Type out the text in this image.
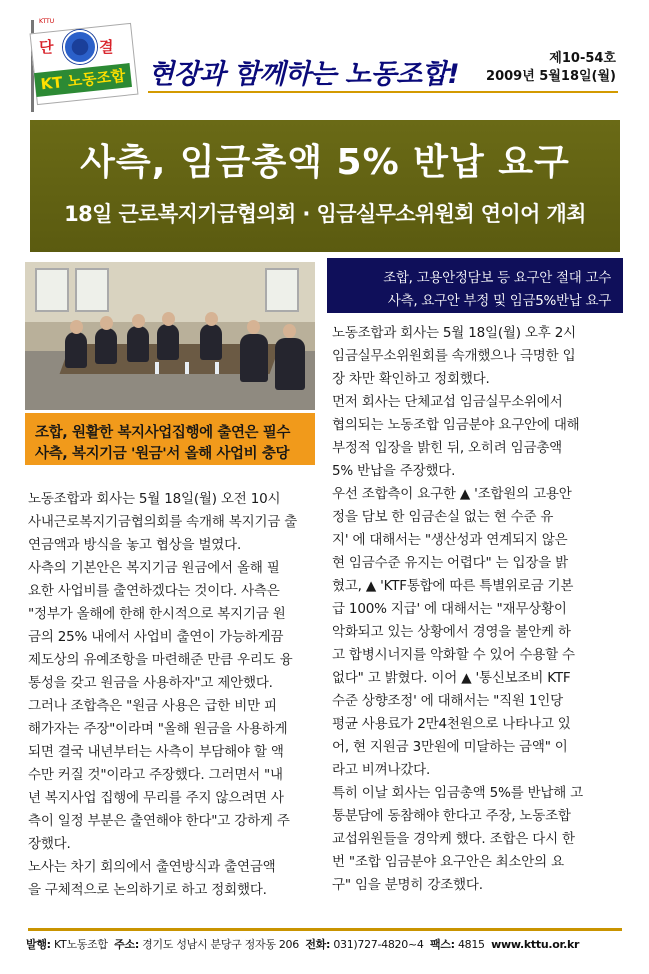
단	결
KT 노동조합
KTTU
현장과 함께하는 노동조합!
제10-54호
2009년 5월18일(월)
사측, 임금총액 5% 반납 요구
18일 근로복지기금협의회 · 임금실무소위원회 연이어 개최
조합, 원활한 복지사업집행에 출연은 필수
사측, 복지기금 '원금'서 올해 사업비 충당
조합, 고용안정담보 등 요구안 절대 고수
사측, 요구안 부정 및 임금5%반납 요구
노동조합과 회사는 5월 18일(월) 오전 10시
사내근로복지기금협의회를 속개해 복지기금 출
연금액과 방식을 놓고 협상을 벌였다.
사측의 기본안은 복지기금 원금에서 올해 필
요한 사업비를 출연하겠다는 것이다. 사측은
"정부가 올해에 한해 한시적으로 복지기금 원
금의 25% 내에서 사업비 출연이 가능하게끔
제도상의 유예조항을 마련해준 만큼 우리도 융
통성을 갖고 원금을 사용하자"고 제안했다.
그러나 조합측은 "원금 사용은 급한 비만 피
해가자는 주장"이라며 "올해 원금을 사용하게
되면 결국 내년부터는 사측이 부담해야 할 액
수만 커질 것"이라고 주장했다. 그러면서 "내
년 복지사업 집행에 무리를 주지 않으려면 사
측이 일정 부분은 출연해야 한다"고 강하게 주
장했다.
노사는 차기 회의에서 출연방식과 출연금액
을 구체적으로 논의하기로 하고 정회했다.
노동조합과 회사는 5월 18일(월) 오후 2시
임금실무소위원회를 속개했으나 극명한 입
장 차만 확인하고 정회했다.
먼저 회사는 단체교섭 임금실무소위에서
협의되는 노동조합 임금분야 요구안에 대해
부정적 입장을 밝힌 뒤, 오히려 임금총액
5% 반납을 주장했다.
우선 조합측이 요구한 ▲ '조합원의 고용안
정을 담보 한 임금손실 없는 현 수준 유
지' 에 대해서는 "생산성과 연계되지 않은
현 임금수준 유지는 어렵다" 는 입장을 밝
혔고, ▲ 'KTF통합에 따른 특별위로금 기본
급 100% 지급' 에 대해서는 "재무상황이
악화되고 있는 상황에서 경영을 불안케 하
고 합병시너지를 악화할 수 있어 수용할 수
없다" 고 밝혔다. 이어 ▲ '통신보조비 KTF
수준 상향조정' 에 대해서는 "직원 1인당
평균 사용료가 2만4천원으로 나타나고 있
어, 현 지원금 3만원에 미달하는 금액" 이
라고 비껴나갔다.
특히 이날 회사는 임금총액 5%를 반납해 고
통분담에 동참해야 한다고 주장, 노동조합
교섭위원들을 경악케 했다. 조합은 다시 한
번 "조합 임금분야 요구안은 최소안의 요
구" 임을 분명히 강조했다.
발행: KT노동조합 주소: 경기도 성남시 분당구 정자동 206 전화: 031)727-4820~4 팩스: 4815 www.kttu.or.kr
